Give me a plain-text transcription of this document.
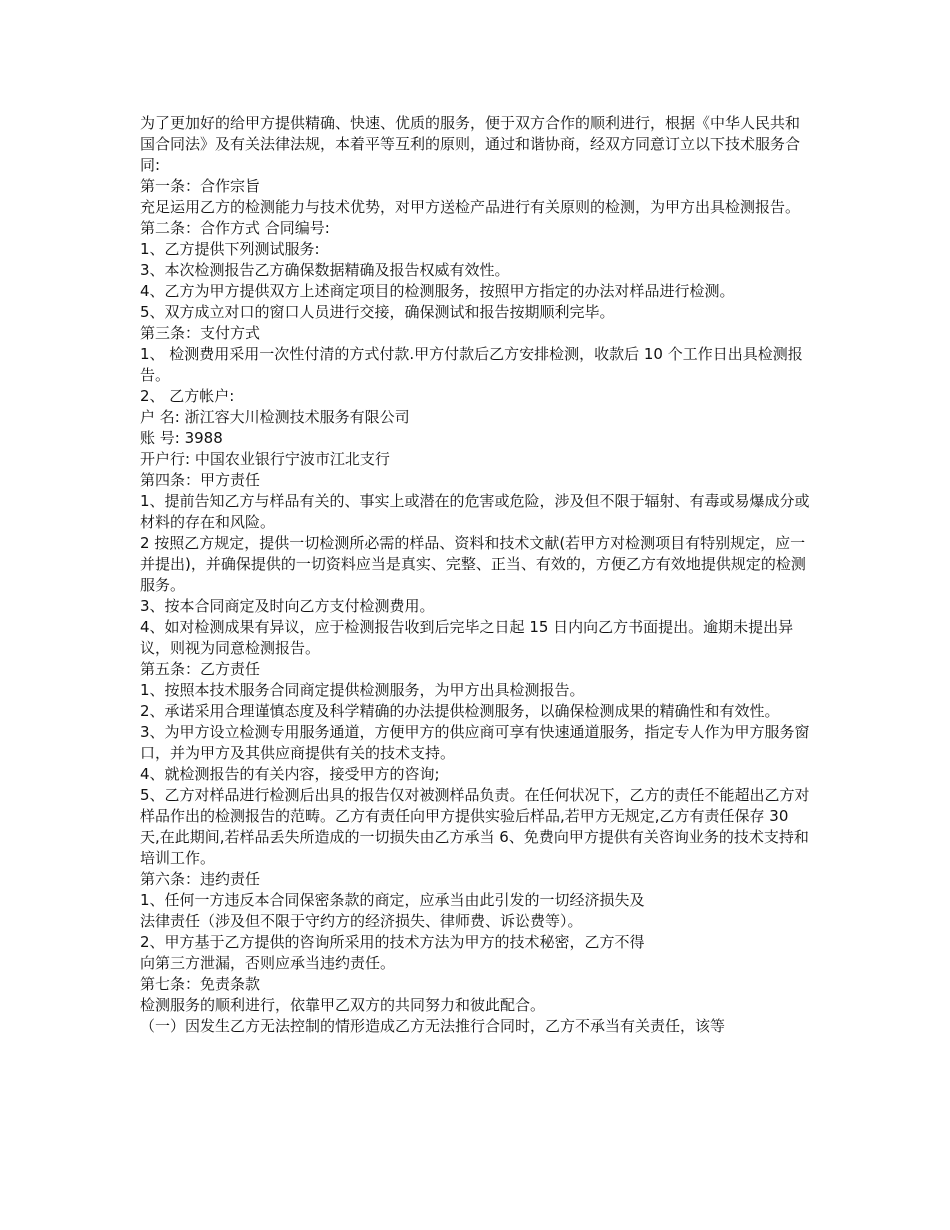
为了更加好的给甲方提供精确、快速、优质的服务，便于双方合作的顺利进行，根据《中华人民共和国合同法》及有关法律法规，本着平等互利的原则，通过和谐协商，经双方同意订立以下技术服务合同:

第一条：合作宗旨

充足运用乙方的检测能力与技术优势，对甲方送检产品进行有关原则的检测，为甲方出具检测报告。

第二条：合作方式 合同编号:

1、乙方提供下列测试服务:

3、本次检测报告乙方确保数据精确及报告权威有效性。

4、乙方为甲方提供双方上述商定项目的检测服务，按照甲方指定的办法对样品进行检测。

5、双方成立对口的窗口人员进行交接，确保测试和报告按期顺利完毕。

第三条：支付方式

1、 检测费用采用一次性付清的方式付款.甲方付款后乙方安排检测，收款后 10 个工作日出具检测报告。

2、 乙方帐户:

户 名: 浙江容大川检测技术服务有限公司

账 号: 3988

开户行: 中国农业银行宁波市江北支行

第四条：甲方责任

1、提前告知乙方与样品有关的、事实上或潜在的危害或危险，涉及但不限于辐射、有毒或易爆成分或材料的存在和风险。

2 按照乙方规定，提供一切检测所必需的样品、资料和技术文献(若甲方对检测项目有特别规定，应一并提出)，并确保提供的一切资料应当是真实、完整、正当、有效的，方便乙方有效地提供规定的检测服务。

3、按本合同商定及时向乙方支付检测费用。

4、如对检测成果有异议，应于检测报告收到后完毕之日起 15 日内向乙方书面提出。逾期未提出异议，则视为同意检测报告。

第五条：乙方责任

1、按照本技术服务合同商定提供检测服务，为甲方出具检测报告。

2、承诺采用合理谨慎态度及科学精确的办法提供检测服务，以确保检测成果的精确性和有效性。

3、为甲方设立检测专用服务通道，方便甲方的供应商可享有快速通道服务，指定专人作为甲方服务窗口，并为甲方及其供应商提供有关的技术支持。

4、就检测报告的有关内容，接受甲方的咨询;

5、乙方对样品进行检测后出具的报告仅对被测样品负责。在任何状况下，乙方的责任不能超出乙方对样品作出的检测报告的范畴。乙方有责任向甲方提供实验后样品,若甲方无规定,乙方有责任保存 30 天,在此期间,若样品丢失所造成的一切损失由乙方承当 6、免费向甲方提供有关咨询业务的技术支持和培训工作。

第六条：违约责任

1、任何一方违反本合同保密条款的商定，应承当由此引发的一切经济损失及

法律责任（涉及但不限于守约方的经济损失、律师费、诉讼费等）。

2、甲方基于乙方提供的咨询所采用的技术方法为甲方的技术秘密，乙方不得

向第三方泄漏，否则应承当违约责任。

第七条：免责条款

检测服务的顺利进行，依靠甲乙双方的共同努力和彼此配合。

（一）因发生乙方无法控制的情形造成乙方无法推行合同时，乙方不承当有关责任，该等
